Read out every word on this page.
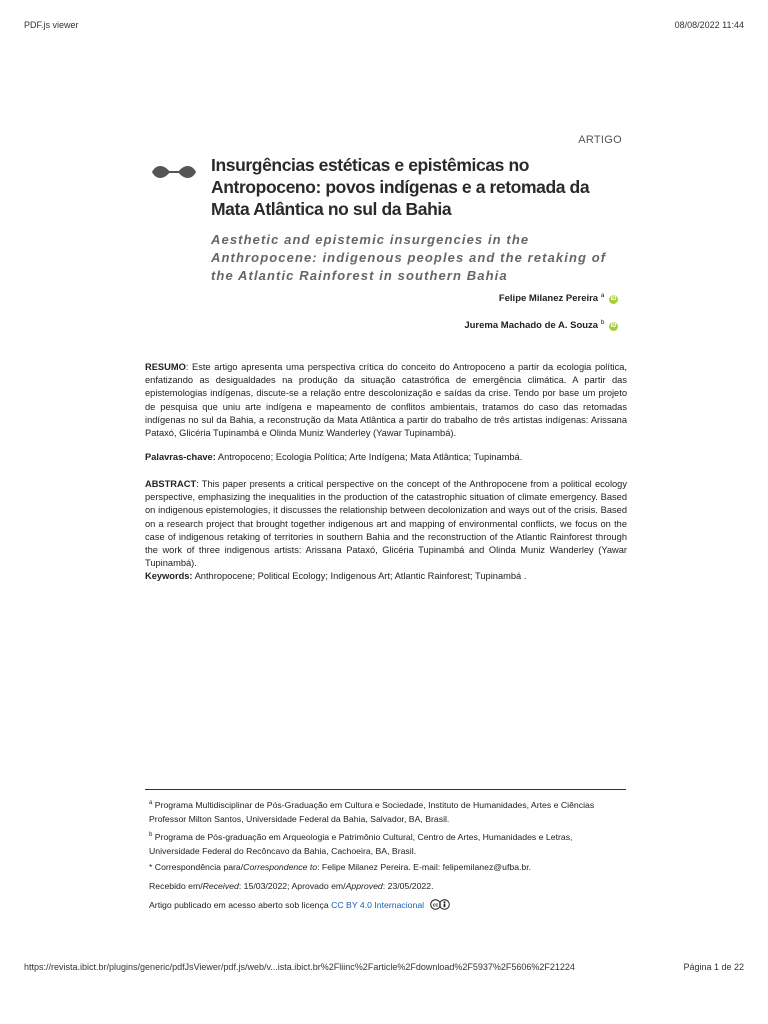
PDF.js viewer	08/08/2022 11:44
https://revista.ibict.br/plugins/generic/pdfJsViewer/pdf.js/web/v...ista.ibict.br%2Fliinc%2Farticle%2Fdownload%2F5937%2F5606%2F21224	Página 1 de 22
ARTIGO
Insurgências estéticas e epistêmicas no Antropoceno: povos indígenas e a retomada da Mata Atlântica no sul da Bahia
Aesthetic and epistemic insurgencies in the Anthropocene: indigenous peoples and the retaking of the Atlantic Rainforest in southern Bahia
Felipe Milanez Pereira $^a$ iD
Jurema Machado de A. Souza $^b$ iD
RESUMO: Este artigo apresenta uma perspectiva crítica do conceito do Antropoceno a partir da ecologia política, enfatizando as desigualdades na produção da situação catastrófica de emergência climática. A partir das epistemologias indígenas, discute-se a relação entre descolonização e saídas da crise. Tendo por base um projeto de pesquisa que uniu arte indígena e mapeamento de conflitos ambientais, tratamos do caso das retomadas indígenas no sul da Bahia, a reconstrução da Mata Atlântica a partir do trabalho de três artistas indígenas: Arissana Pataxó, Glicéria Tupinambá e Olinda Muniz Wanderley (Yawar Tupinambá).
Palavras-chave: Antropoceno; Ecologia Política; Arte Indígena; Mata Atlântica; Tupinambá.
ABSTRACT: This paper presents a critical perspective on the concept of the Anthropocene from a political ecology perspective, emphasizing the inequalities in the production of the catastrophic situation of climate emergency. Based on indigenous epistemologies, it discusses the relationship between decolonization and ways out of the crisis. Based on a research project that brought together indigenous art and mapping of environmental conflicts, we focus on the case of indigenous retaking of territories in southern Bahia and the reconstruction of the Atlantic Rainforest through the work of three indigenous artists: Arissana Pataxó, Glicéria Tupinambá and Olinda Muniz Wanderley (Yawar Tupinambá).
Keywords: Anthropocene; Political Ecology; Indigenous Art; Atlantic Rainforest; Tupinambá .
$^a$ Programa Multidisciplinar de Pós-Graduação em Cultura e Sociedade, Instituto de Humanidades, Artes e Ciências Professor Milton Santos, Universidade Federal da Bahia, Salvador, BA, Brasil.
$^b$ Programa de Pós-graduação em Arqueologia e Patrimônio Cultural, Centro de Artes, Humanidades e Letras, Universidade Federal do Recôncavo da Bahia, Cachoeira, BA, Brasil.
* Correspondência para/Correspondence to: Felipe Milanez Pereira. E-mail: felipemilanez@ufba.br.
Recebido em/Received: 15/03/2022; Aprovado em/Approved: 23/05/2022.
Artigo publicado em acesso aberto sob licença CC BY 4.0 Internacional cc
